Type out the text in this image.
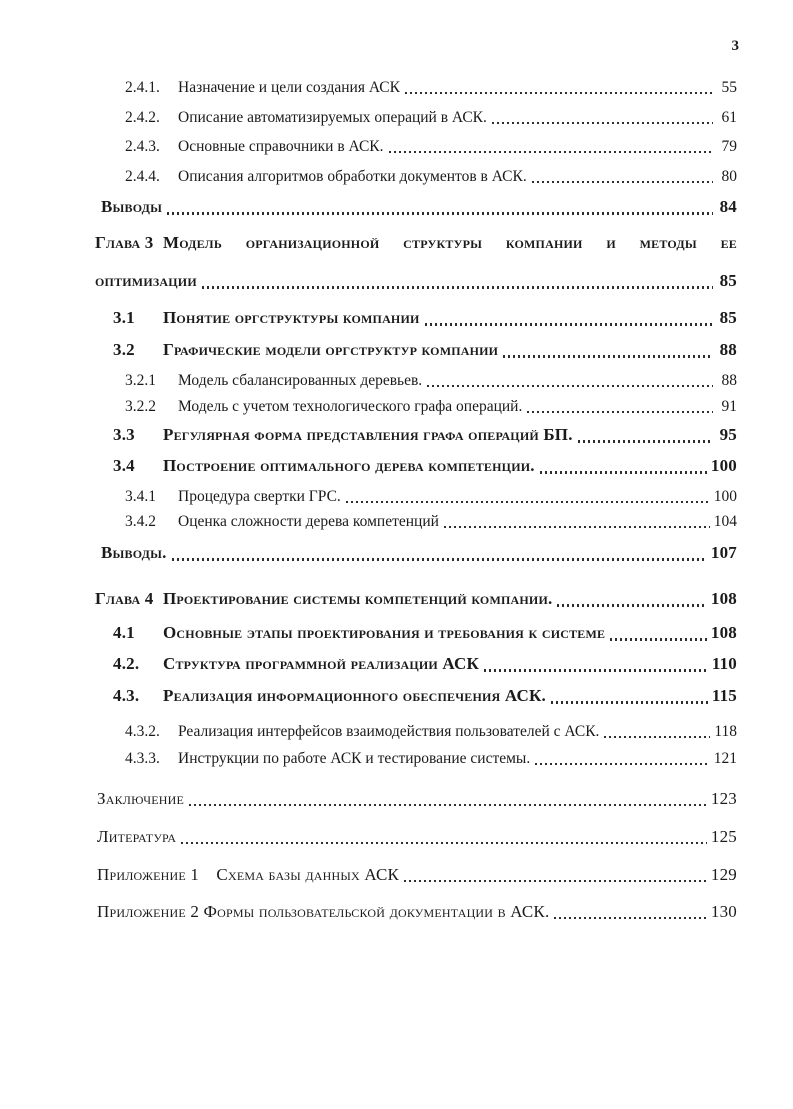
3
2.4.1.	Назначение и цели создания АСК	55
2.4.2.	Описание автоматизируемых операций в АСК.	61
2.4.3.	Основные справочники в АСК.	79
2.4.4.	Описания алгоритмов обработки документов в АСК.	80
Выводы	84
Глава 3 Модель организационной структуры компании и методы ее
оптимизации	85
3.1	Понятие оргструктуры компании	85
3.2	Графические модели оргструктур компании	88
3.2.1	Модель сбалансированных деревьев.	88
3.2.2	Модель с учетом технологического графа операций.	91
3.3	Регулярная форма представления графа операций БП.	95
3.4	Построение оптимального дерева компетенции.	100
3.4.1	Процедура свертки ГРС.	100
3.4.2	Оценка сложности дерева компетенций	104
Выводы.	107
Глава 4 Проектирование системы компетенций компании.	108
4.1	Основные этапы проектирования и требования к системе	108
4.2.	Структура программной реализации АСК	110
4.3.	Реализация информационного обеспечения АСК.	115
4.3.2.	Реализация интерфейсов взаимодействия пользователей с АСК.	118
4.3.3.	Инструкции по работе АСК и тестирование системы.	121
Заключение	123
Литература	125
Приложение 1  Схема базы данных АСК	129
Приложение 2 Формы пользовательской документации в АСК.	130
